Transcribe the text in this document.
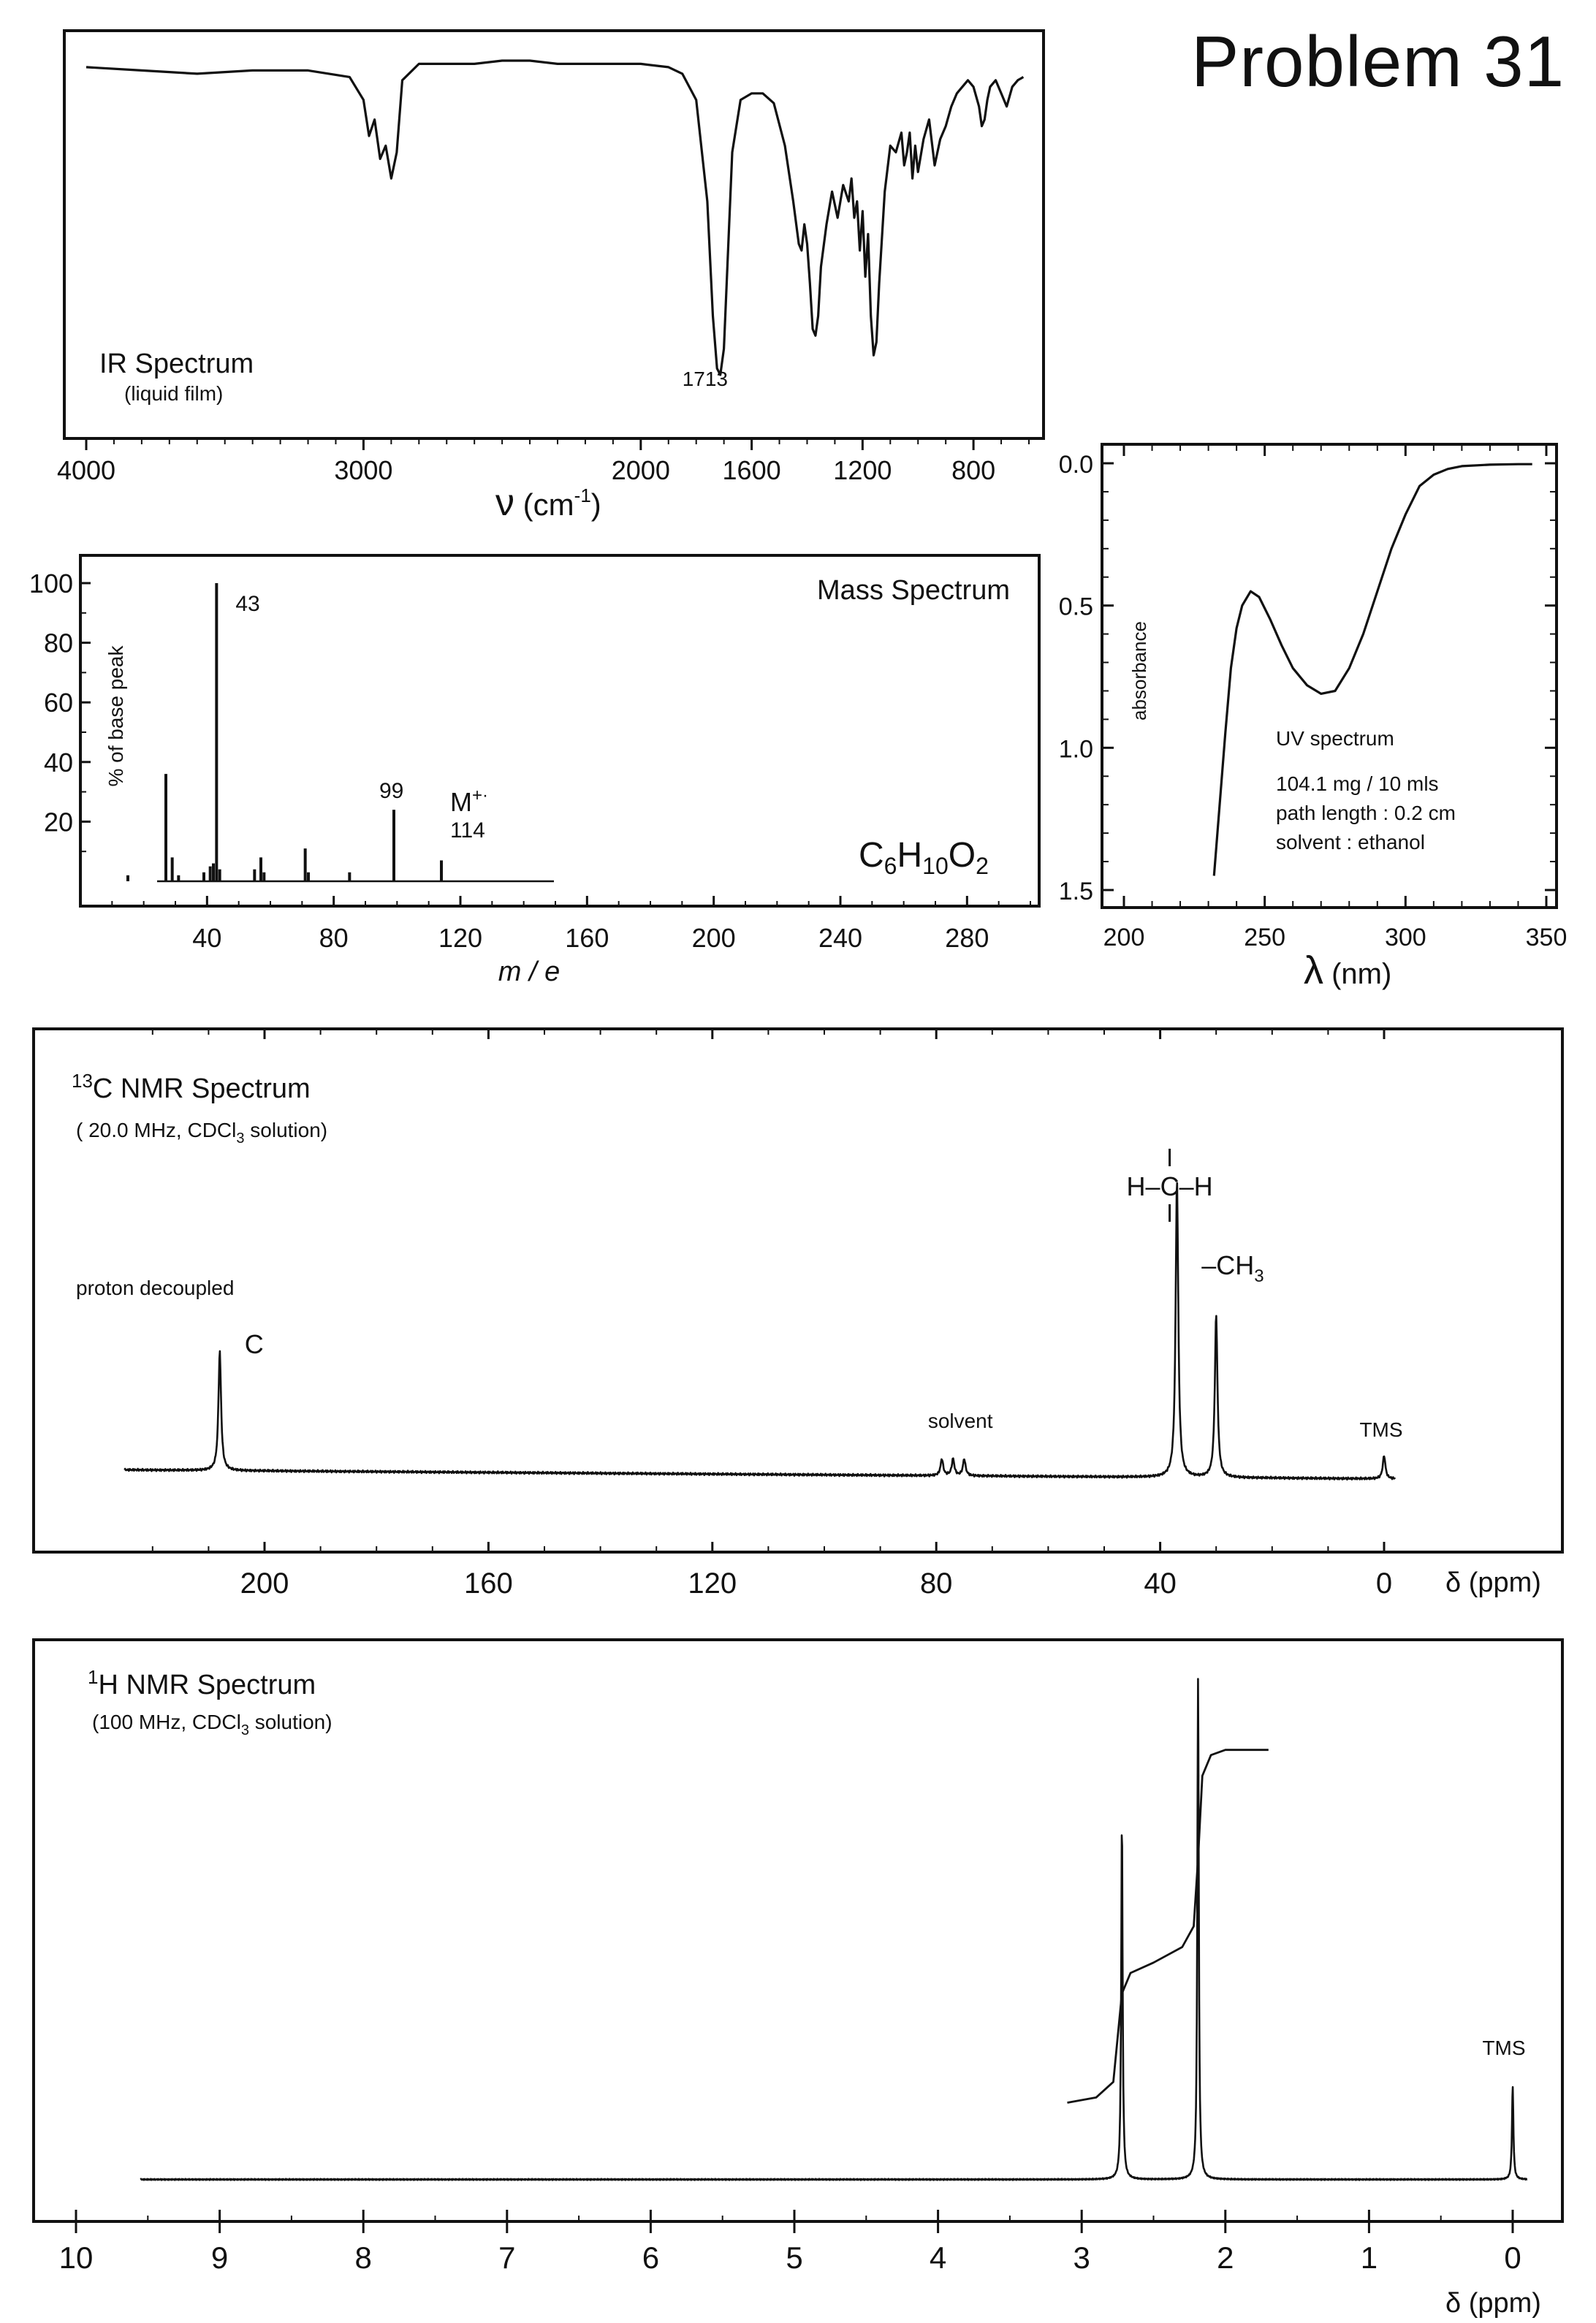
Problem 31
4000	3000	2000 1600 1200 800
IR Spectrum
(liquid film)
1713
ν $(cm^{-1})$
40	80	120	160	200	240	280
20
40
60
80
100
% of base peak
Mass Spectrum
43
99
114
M+·
$C_6H_{10}O_2$
m / e
0.0
0.5
1.0
1.5
200	250	300	350
absorbance
UV spectrum
104.1 mg / 10 mls
path length : 0.2 cm
solvent : ethanol
λ (nm)
200	160	120	80	40	0
$^{13}$C NMR Spectrum
( 20.0 MHz, CDCl$_3$ solution)
proton decoupled
C
solvent
H–C–H
$-CH_3$
TMS
δ (ppm)
10	9	8	7	6	5	4	3	2	1	0
$^1$H NMR Spectrum
(100 MHz, CDCl$_3$ solution)
TMS
δ (ppm)
